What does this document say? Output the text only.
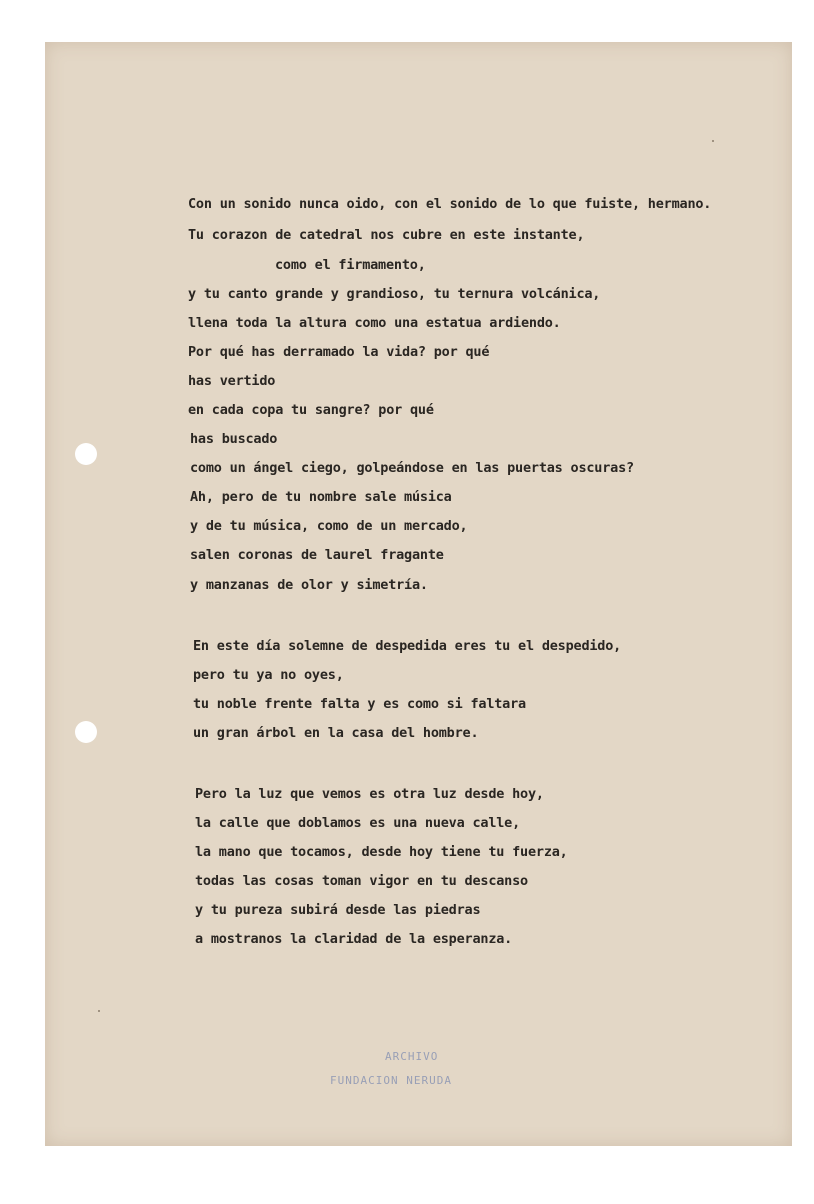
Con un sonido nunca oido, con el sonido de lo que fuiste, hermano.
Tu corazon de catedral nos cubre en este instante,
como el firmamento,
y tu canto grande y grandioso, tu ternura volcánica,
llena toda la altura como una estatua ardiendo.
Por qué has derramado la vida? por qué
has vertido
en cada copa tu sangre? por qué
has buscado
como un ángel ciego, golpeándose en las puertas oscuras?
Ah, pero de tu nombre sale música
y de tu música, como de un mercado,
salen coronas de laurel fragante
y manzanas de olor y simetría.
En este día solemne de despedida eres tu el despedido,
pero tu ya no oyes,
tu noble frente falta y es como si faltara
un gran árbol en la casa del hombre.
Pero la luz que vemos es otra luz desde hoy,
la calle que doblamos es una nueva calle,
la mano que tocamos, desde hoy tiene tu fuerza,
todas las cosas toman vigor en tu descanso
y tu pureza subirá desde las piedras
a mostranos la claridad de la esperanza.
ARCHIVO
FUNDACION NERUDA
